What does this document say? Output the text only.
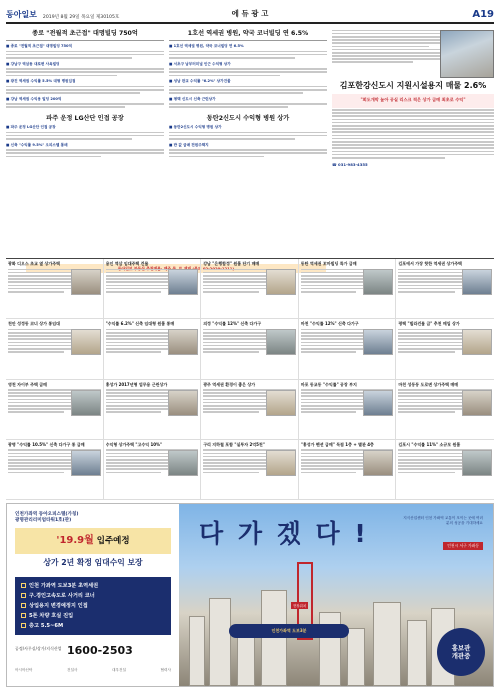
동아일보 2019년 8월 29일 목요일 제30105호	에 듀 광 고	A19
종로 "전월적 초근접" 대명빌딩 750억
■ 종로 "전월적 초근접" 대명빌딩 750억
■ 강남구 역삼동 대로변 사옥빌딩
■ 광진 역세권 수익률 5.5% 대형 병원입점
■ 강남 역세권 수익용 빌딩 200억
파주 운정 LG산단 인접 공장
■ 파주 운정 LG산단 인접 공장
■ 신축 "수익률 9.5%" 오피스텔 통매
1호선 역세권 병원, 약국 코너빌딩 연 6.5%
■ 1호선 역세권 병원, 약국 코너빌딩 연 6.5%
■ 서초구 남부터미널 인근 수익형 상가
■ 성남 판교 수익률 "6.2%" 상가건물
■ 평택 신도시 신축 근린상가
동탄2신도시 수익형 병원 상가
■ 동탄2신도시 수익형 병원 상가
■ 반 값 급매 전원주택지
김포한강신도시 지원시설용지 매물 2.6%
"회도개막 높아 공실 리스크 적은 상가 급매 최초로 수익"
☎ 031-983-4355
광화 디오스 초교 옆 상가주택	용인 역삼 임대주택 건물	강남 "은행합정" 원룸 단기 매매	동탄 역세권 꼬마빌딩 특가 급매	김포에서 가장 핫한 역세권 상가주택
천안 성정동 코너 상가 통임대	"수익률 6.2%" 신축 임대형 원룸 통매	의정 "수익률 12%" 신축 다가구	마천 "수익률 12%" 신축 다가구	평택 "빌라건물 급" 추천 매입 상가
영천 자이부 주택 급매	홍성가 2017년형 업무용 근린상가	광주 역세권 환경이 좋은 상가	마포 동교동 "수익률" 공장 부지	마천 성동동 도로변 상가주택 매매
광명 "수익률 10.5%" 신축 다가구 통 급매	수익형 상가주택 "고수익 10%"	구리 지하철 포함 "실투자 2억5천"	"홍성가 펜션 급매" 독점 1층 + 별관 4층	김포시 "수익률 11%" 소규모 원룸
인천가좌역 동아오피스텔(가칭)
광명관리리미엄타워1호(관)
'19.9월 입주예정
상가 2년 확정 임대수익 보장
인천 가좌역 도보3분 초역세권
구.경인고속도로 사거리 코너
상업용지 변경예정지 인접
5톤 차량 호실 진입
층고 5.5~6M
공정/사무실/상가/지식산업 1600-2503
아시아신탁	건설사	대우건설	협력사
다 가 겠 다 !
지식산업센터 인천 가좌역 교통이 모이는 곳에 여러분의 성공을 기대하세요
인천시 서구 가좌동
현장위치
인천가좌역 도보3분
홍보관
개관중
